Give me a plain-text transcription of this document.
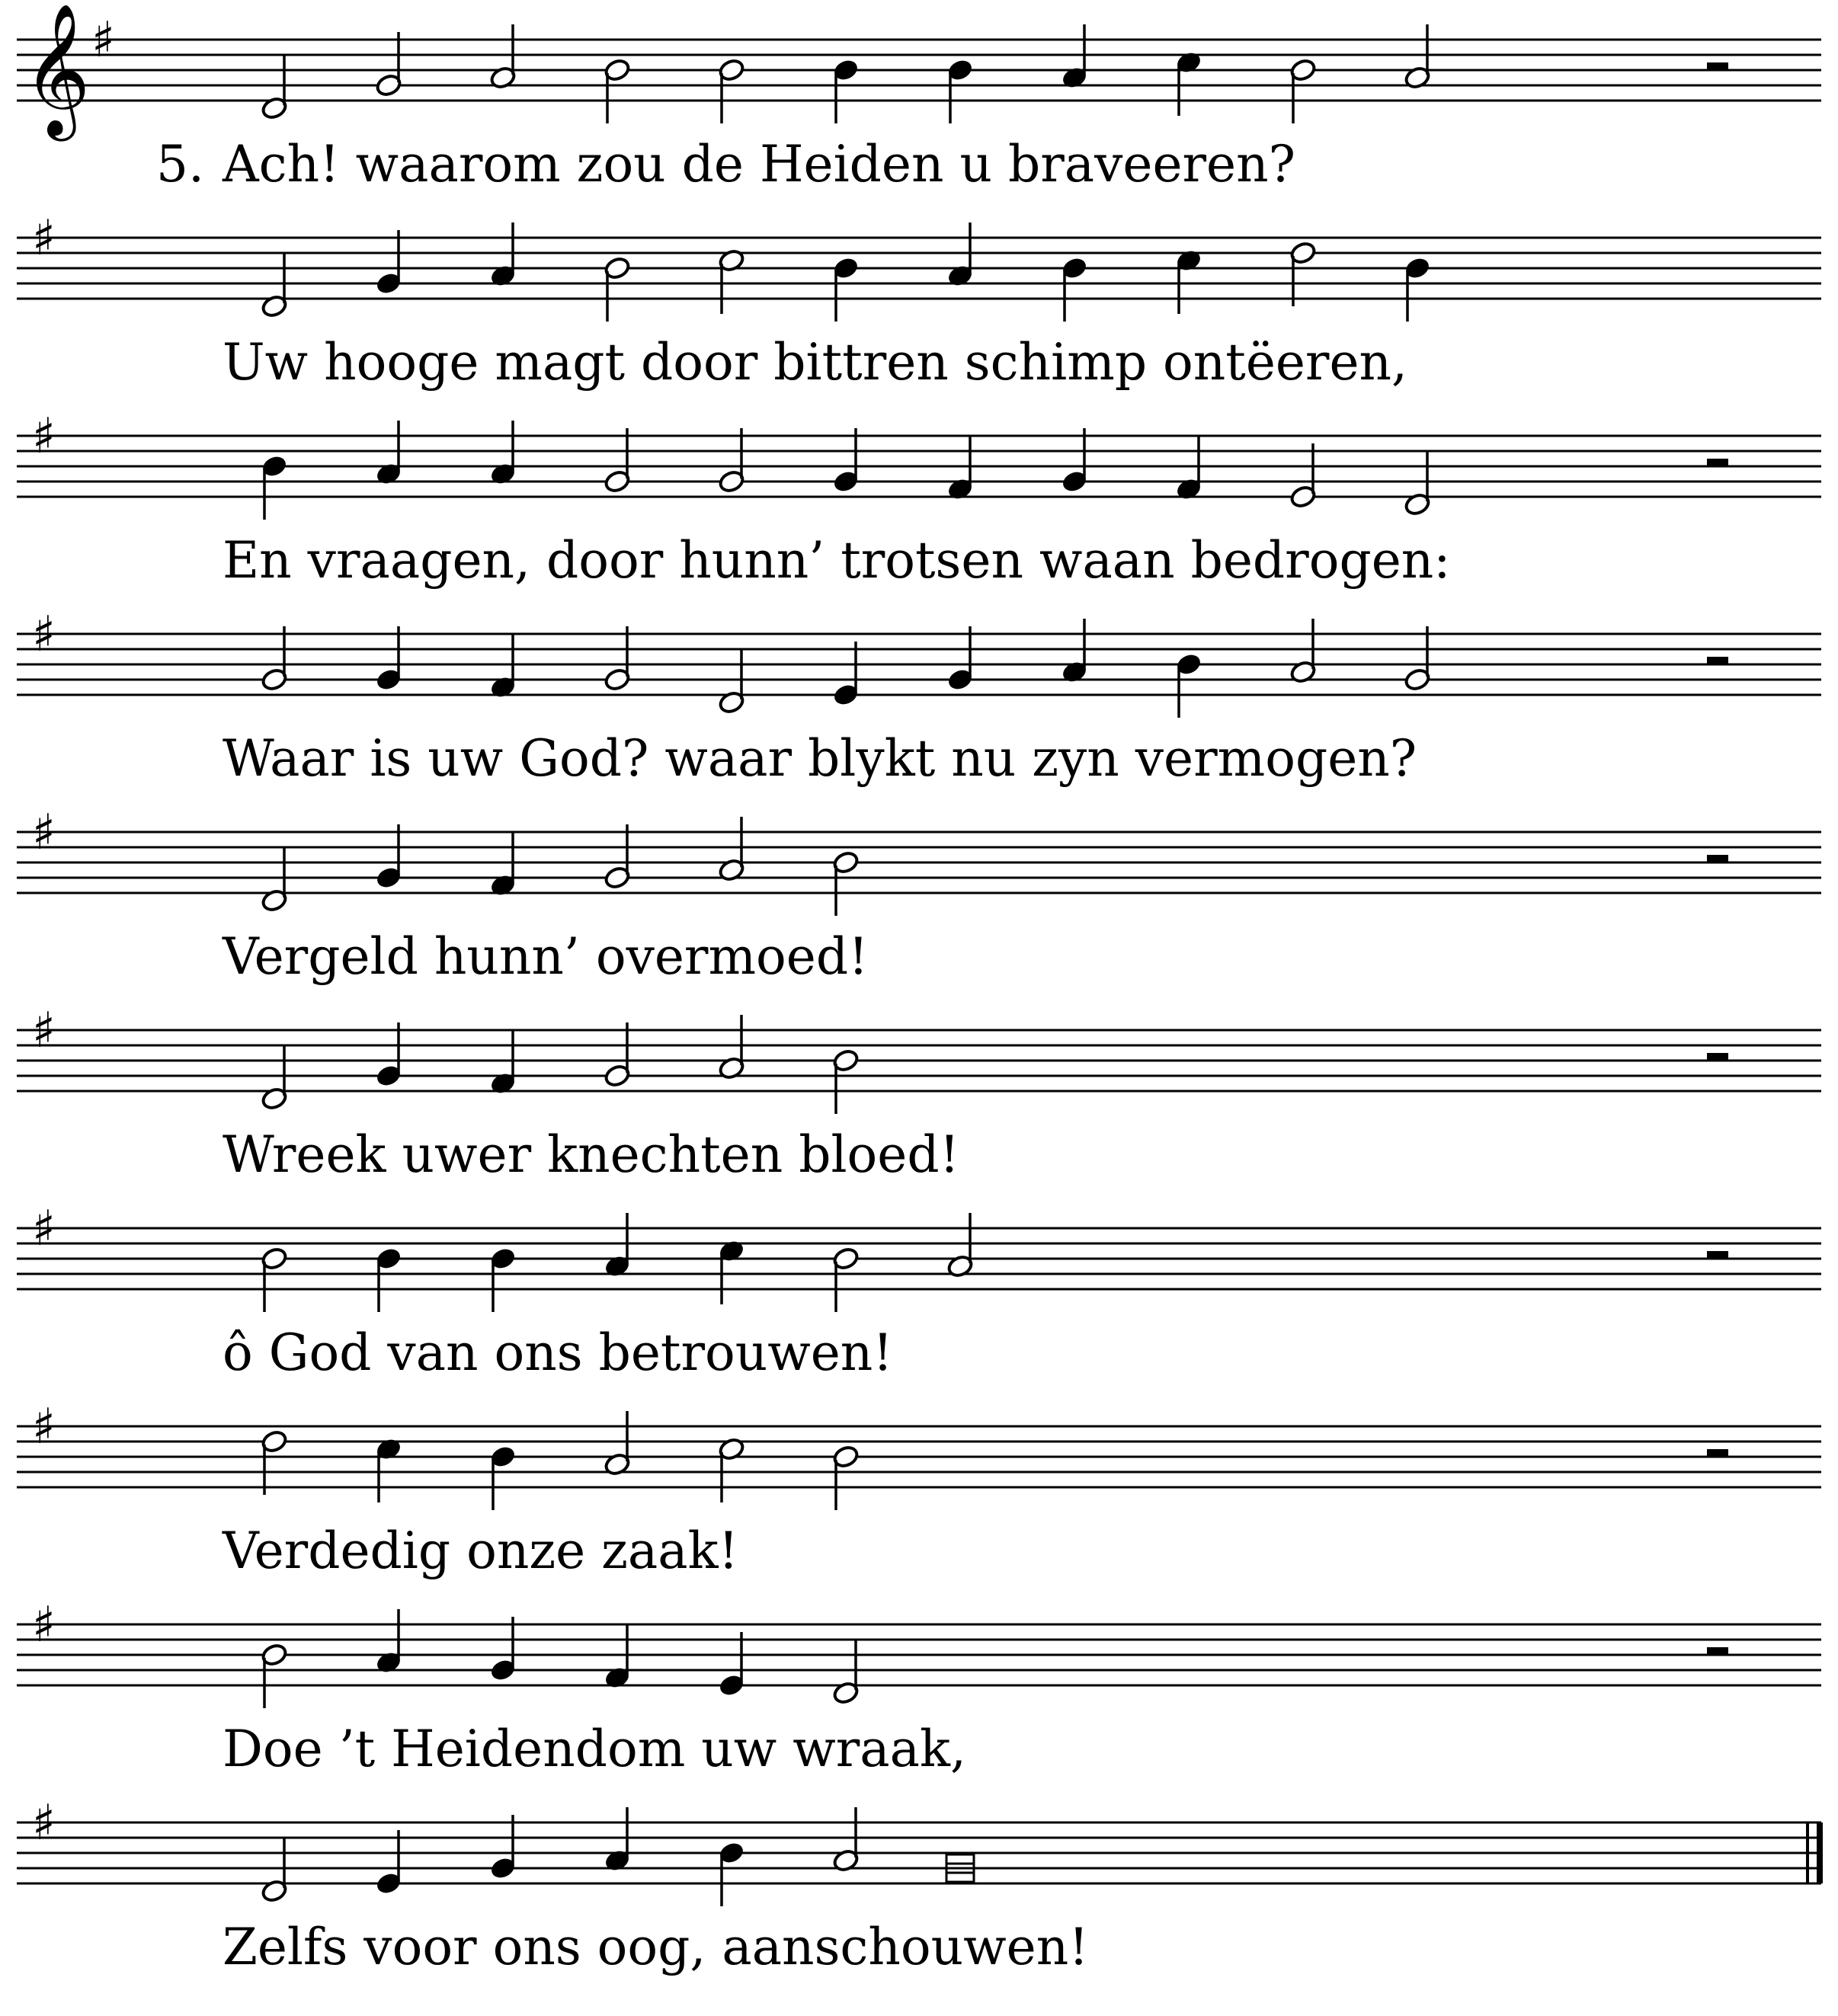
𝄞 ♯
5. Ach! waarom zou de Heiden u braveeren?
♯
Uw hooge magt door bittren schimp ontëeren,
♯
En vraagen, door hunn’ trotsen waan bedrogen:
♯
Waar is uw God? waar blykt nu zyn vermogen?
♯
Vergeld hunn’ overmoed!
♯
Wreek uwer knechten bloed!
♯
ô God van ons betrouwen!
♯
Verdedig onze zaak!
♯
Doe ’t Heidendom uw wraak,
♯
Zelfs voor ons oog, aanschouwen!
